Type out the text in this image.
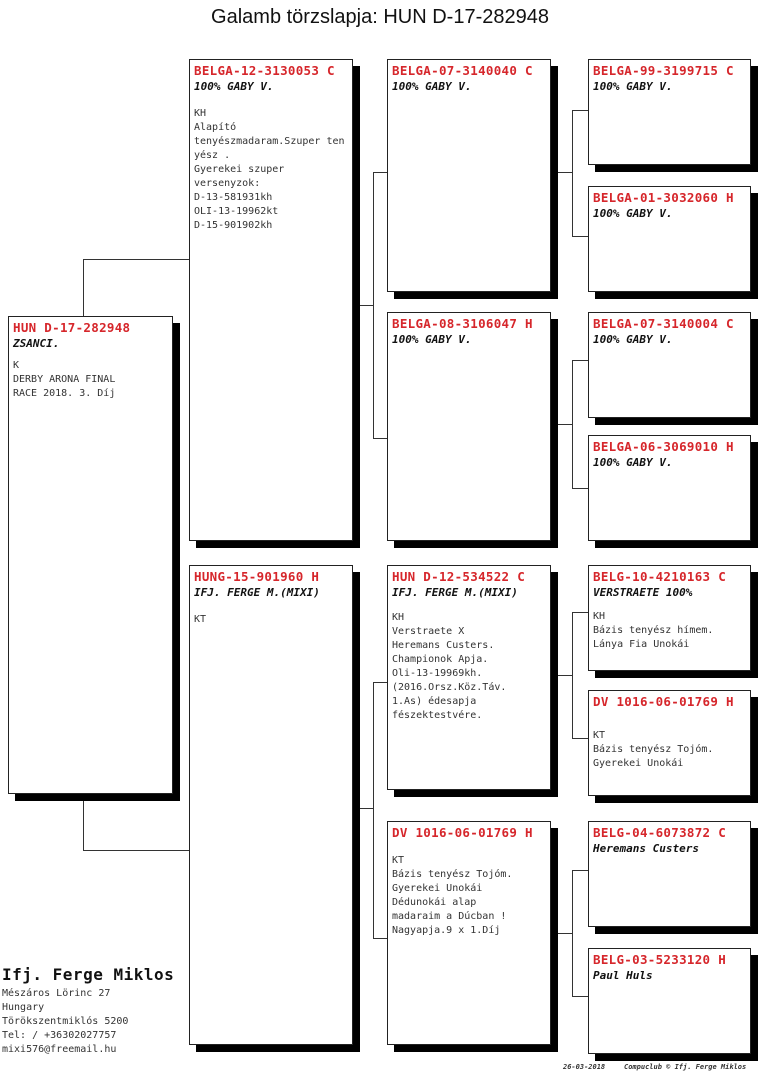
Galamb törzslapja: HUN D-17-282948
HUN D-17-282948
ZSANCI.
K
DERBY ARONA FINAL
RACE 2018. 3. Díj
BELGA-12-3130053 C
100% GABY V.
KH
Alapító
tenyészmadaram.Szuper tenyész .
Gyerekei szuper
versenyzok:
D-13-581931kh
OLI-13-19962kt
D-15-901902kh
HUNG-15-901960 H
IFJ. FERGE M.(MIXI)
KT
BELGA-07-3140040 C
100% GABY V.
BELGA-08-3106047 H
100% GABY V.
HUN D-12-534522 C
IFJ. FERGE M.(MIXI)
KH
Verstraete X
Heremans Custers.
Championok Apja.
Oli-13-19969kh.
(2016.Orsz.Köz.Táv.
1.As) édesapja
fészektestvére.
DV 1016-06-01769 H
KT
Bázis tenyész Tojóm.
Gyerekei Unokái
Dédunokái alap
madaraim a Dúcban !
Nagyapja.9 x 1.Díj
BELGA-99-3199715 C
100% GABY V.
BELGA-01-3032060 H
100% GABY V.
BELGA-07-3140004 C
100% GABY V.
BELGA-06-3069010 H
100% GABY V.
BELG-10-4210163 C
VERSTRAETE 100%
KH
Bázis tenyész hímem.
Lánya Fia Unokái
DV 1016-06-01769 H
KT
Bázis tenyész Tojóm.
Gyerekei Unokái
BELG-04-6073872 C
Heremans Custers
BELG-03-5233120 H
Paul Huls
Ifj. Ferge Miklos
Mészáros Lörinc 27
Hungary
Törökszentmiklós 5200
Tel: / +36302027757
mixi576@freemail.hu
26-03-2018	Compuclub © Ifj. Ferge Miklos
